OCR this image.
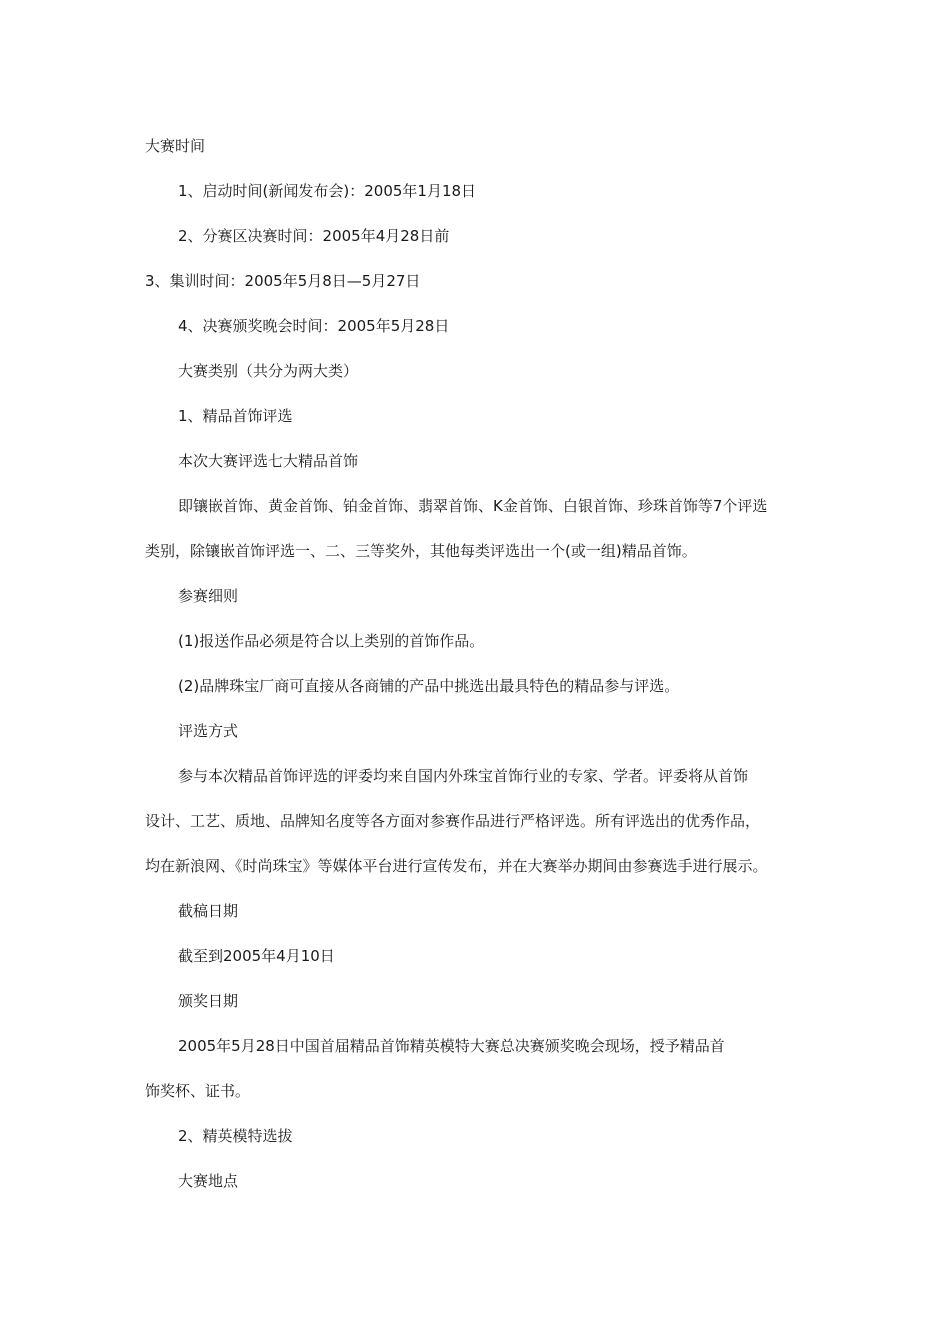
大赛时间

1、启动时间(新闻发布会)：2005年1月18日

2、分赛区决赛时间：2005年4月28日前

3、集训时间：2005年5月8日—5月27日

4、决赛颁奖晚会时间：2005年5月28日

大赛类别（共分为两大类）

1、精品首饰评选

本次大赛评选七大精品首饰

即镶嵌首饰、黄金首饰、铂金首饰、翡翠首饰、K金首饰、白银首饰、珍珠首饰等7个评选

类别，除镶嵌首饰评选一、二、三等奖外，其他每类评选出一个(或一组)精品首饰。

参赛细则

(1)报送作品必须是符合以上类别的首饰作品。

(2)品牌珠宝厂商可直接从各商铺的产品中挑选出最具特色的精品参与评选。

评选方式

参与本次精品首饰评选的评委均来自国内外珠宝首饰行业的专家、学者。评委将从首饰

设计、工艺、质地、品牌知名度等各方面对参赛作品进行严格评选。所有评选出的优秀作品，

均在新浪网、《时尚珠宝》等媒体平台进行宣传发布，并在大赛举办期间由参赛选手进行展示。

截稿日期

截至到2005年4月10日

颁奖日期

2005年5月28日中国首届精品首饰精英模特大赛总决赛颁奖晚会现场，授予精品首

饰奖杯、证书。

2、精英模特选拔

大赛地点
